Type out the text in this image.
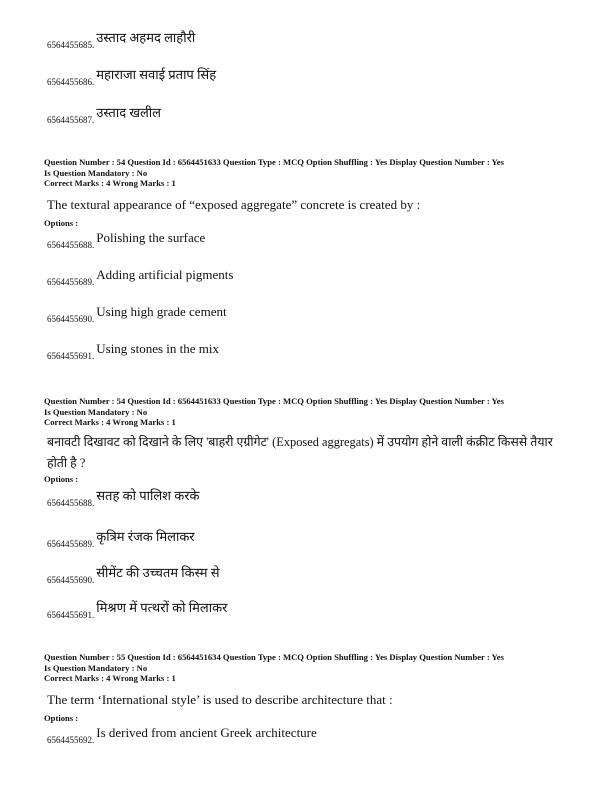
6564455685. उस्ताद अहमद लाहौरी
6564455686. महाराजा सवाई प्रताप सिंह
6564455687. उस्ताद खलील
Question Number : 54 Question Id : 6564451633 Question Type : MCQ Option Shuffling : Yes Display Question Number : Yes
Is Question Mandatory : No
Correct Marks : 4 Wrong Marks : 1
The textural appearance of “exposed aggregate” concrete is created by :
Options :
6564455688. Polishing the surface
6564455689. Adding artificial pigments
6564455690. Using high grade cement
6564455691. Using stones in the mix
Question Number : 54 Question Id : 6564451633 Question Type : MCQ Option Shuffling : Yes Display Question Number : Yes
Is Question Mandatory : No
Correct Marks : 4 Wrong Marks : 1
बनावटी दिखावट को दिखाने के लिए 'बाहरी एग्रीगेट' (Exposed aggregats) में उपयोग होने वाली कंक्रीट किससे तैयार
होती है ?
Options :
6564455688. सतह को पालिश करके
6564455689. कृत्रिम रंजक मिलाकर
6564455690. सीमेंट की उच्चतम किस्म से
6564455691. मिश्रण में पत्थरों को मिलाकर
Question Number : 55 Question Id : 6564451634 Question Type : MCQ Option Shuffling : Yes Display Question Number : Yes
Is Question Mandatory : No
Correct Marks : 4 Wrong Marks : 1
The term ‘International style’ is used to describe architecture that :
Options :
6564455692. Is derived from ancient Greek architecture
